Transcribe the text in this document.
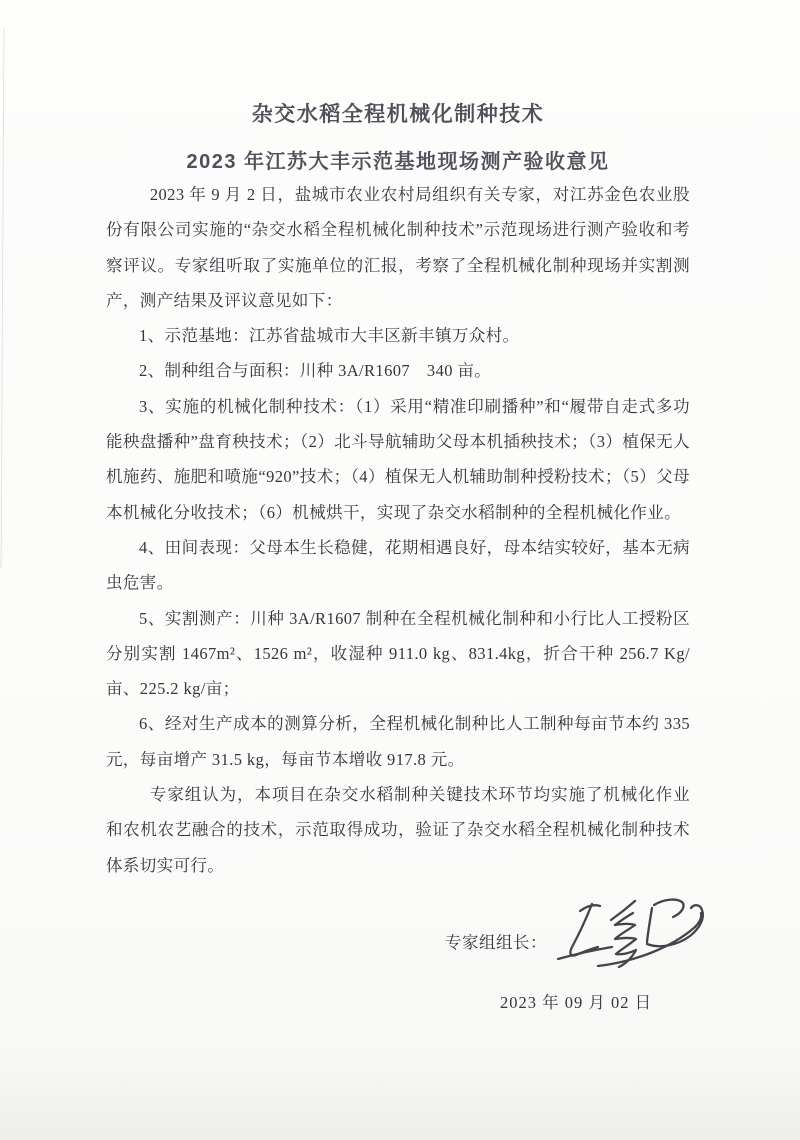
杂交水稻全程机械化制种技术
2023 年江苏大丰示范基地现场测产验收意见

2023 年 9 月 2 日，盐城市农业农村局组织有关专家，对江苏金色农业股份有限公司实施的“杂交水稻全程机械化制种技术”示范现场进行测产验收和考察评议。专家组听取了实施单位的汇报，考察了全程机械化制种现场并实割测产，测产结果及评议意见如下：

1、示范基地：江苏省盐城市大丰区新丰镇万众村。

2、制种组合与面积：川种 3A/R1607　340 亩。

3、实施的机械化制种技术：（1）采用“精准印刷播种”和“履带自走式多功能秧盘播种”盘育秧技术；（2）北斗导航辅助父母本机插秧技术；（3）植保无人机施药、施肥和喷施“920”技术；（4）植保无人机辅助制种授粉技术；（5）父母本机械化分收技术；（6）机械烘干，实现了杂交水稻制种的全程机械化作业。

4、田间表现：父母本生长稳健，花期相遇良好，母本结实较好，基本无病虫危害。

5、实割测产：川种 3A/R1607 制种在全程机械化制种和小行比人工授粉区分别实割 1467m²、1526 m²，收湿种 911.0 kg、831.4kg，折合干种 256.7 Kg/亩、225.2 kg/亩；

6、经对生产成本的测算分析，全程机械化制种比人工制种每亩节本约 335 元，每亩增产 31.5 kg，每亩节本增收 917.8 元。

专家组认为，本项目在杂交水稻制种关键技术环节均实施了机械化作业和农机农艺融合的技术，示范取得成功，验证了杂交水稻全程机械化制种技术体系切实可行。

专家组组长：
2023 年 09 月 02 日
